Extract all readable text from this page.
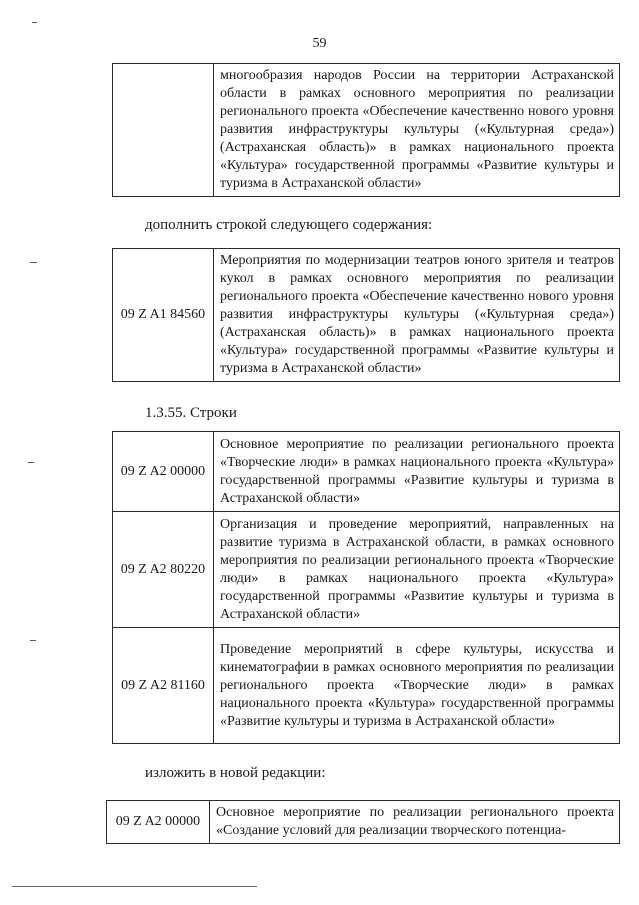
59
	многообразия народов России на территории Астраханской области в рамках основного мероприятия по реализации регионального проекта «Обеспечение качественно нового уровня развития инфраструктуры культуры («Культурная среда») (Астраханская область)» в рамках национального проекта «Культура» государственной программы «Развитие культуры и туризма в Астраханской области»
дополнить строкой следующего содержания:
09 Z A1 84560	Мероприятия по модернизации театров юного зрителя и театров кукол в рамках основного мероприятия по реализации регионального проекта «Обеспечение качественно нового уровня развития инфраструктуры культуры («Культурная среда») (Астраханская область)» в рамках национального проекта «Культура» государственной программы «Развитие культуры и туризма в Астраханской области»
1.3.55. Строки
09 Z A2 00000	Основное мероприятие по реализации регионального проекта «Творческие люди» в рамках национального проекта «Культура» государственной программы «Развитие культуры и туризма в Астраханской области»
09 Z A2 80220	Организация и проведение мероприятий, направленных на развитие туризма в Астраханской области, в рамках основного мероприятия по реализации регионального проекта «Творческие люди» в рамках национального проекта «Культура» государственной программы «Развитие культуры и туризма в Астраханской области»
09 Z A2 81160	Проведение мероприятий в сфере культуры, искусства и кинематографии в рамках основного мероприятия по реализации регионального проекта «Творческие люди» в рамках национального проекта «Культура» государственной программы «Развитие культуры и туризма в Астраханской области»
изложить в новой редакции:
09 Z A2 00000	Основное мероприятие по реализации регионального проекта «Создание условий для реализации творческого потенциа-
